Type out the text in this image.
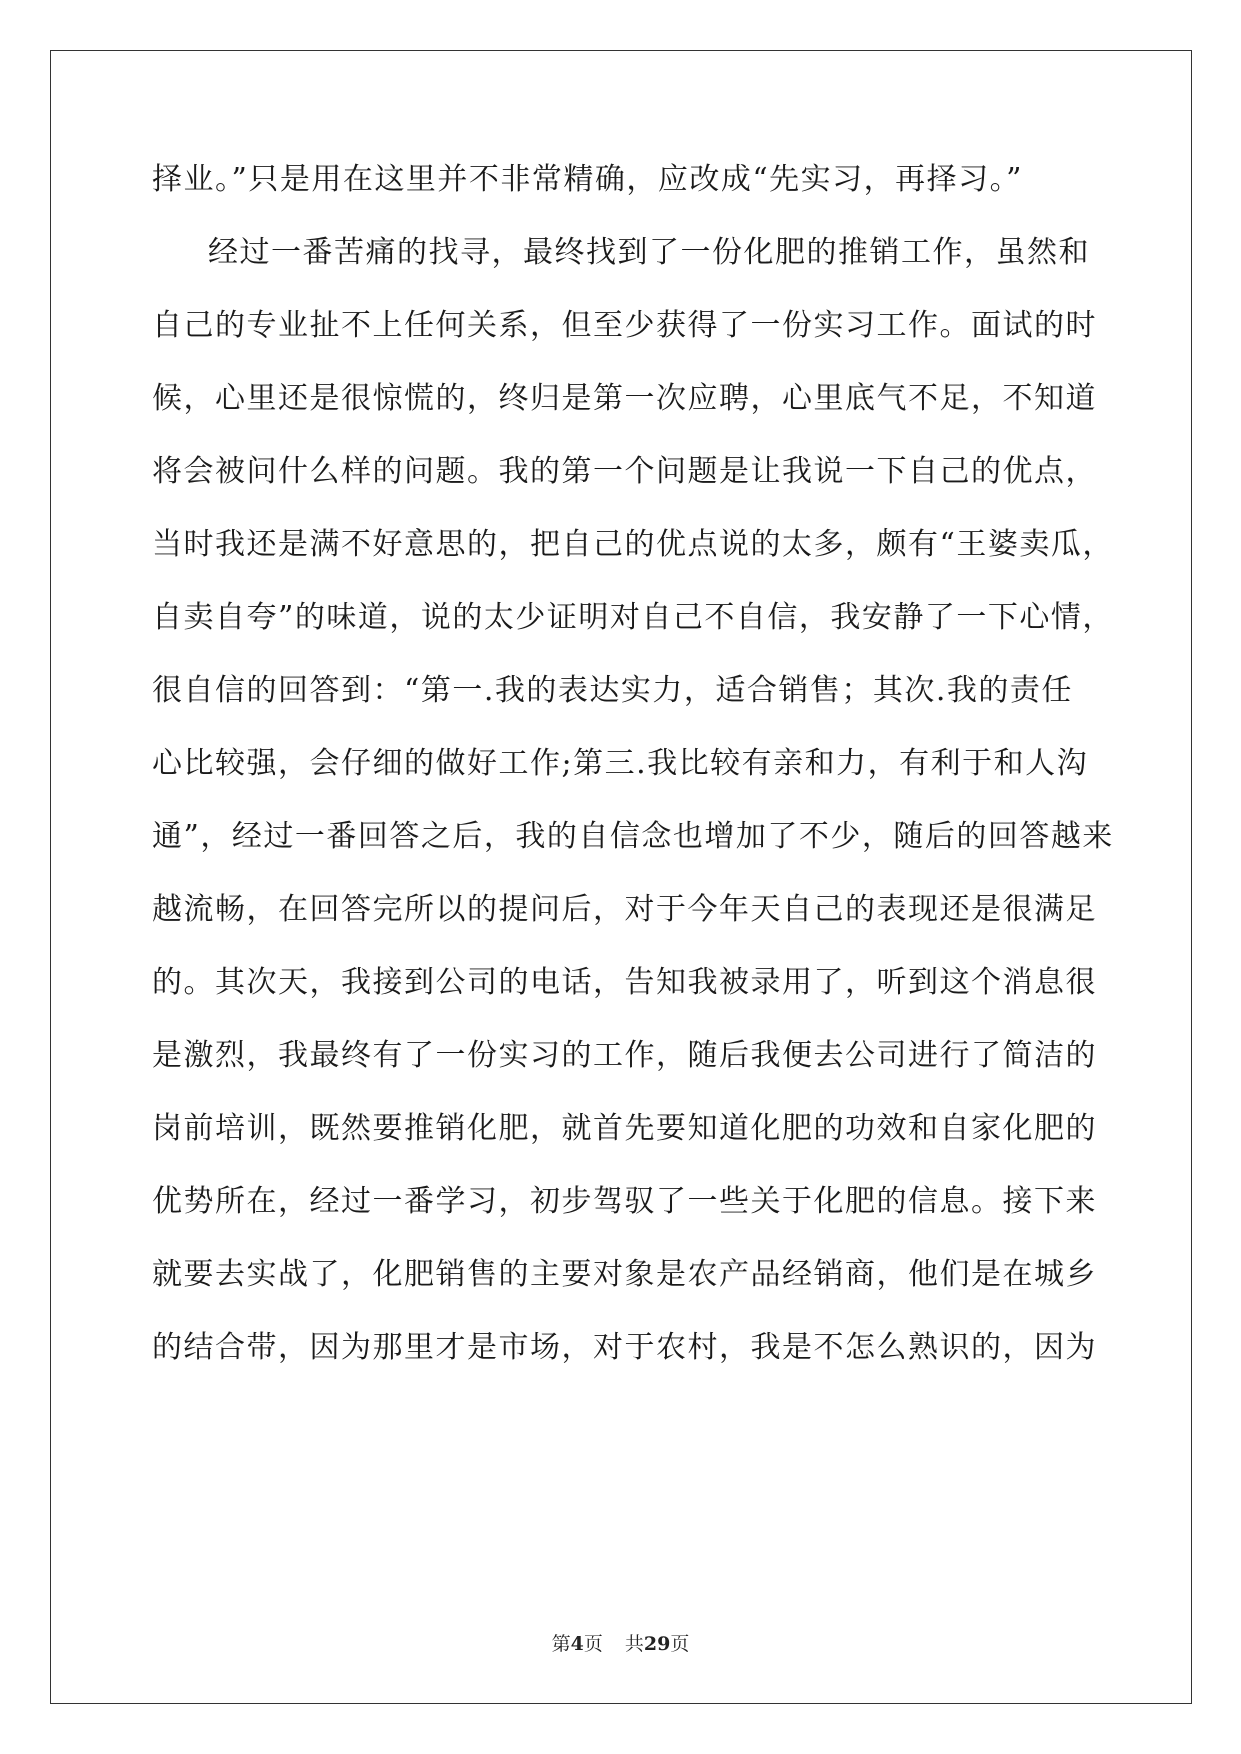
择业。”只是用在这里并不非常精确，应改成“先实习，再择习。”
经过一番苦痛的找寻，最终找到了一份化肥的推销工作，虽然和
自己的专业扯不上任何关系，但至少获得了一份实习工作。面试的时
候，心里还是很惊慌的，终归是第一次应聘，心里底气不足，不知道
将会被问什么样的问题。我的第一个问题是让我说一下自己的优点，
当时我还是满不好意思的，把自己的优点说的太多，颇有“王婆卖瓜，
自卖自夸”的味道，说的太少证明对自己不自信，我安静了一下心情，
很自信的回答到：“第一.我的表达实力，适合销售；其次.我的责任
心比较强，会仔细的做好工作;第三.我比较有亲和力，有利于和人沟
通”，经过一番回答之后，我的自信念也增加了不少，随后的回答越来
越流畅，在回答完所以的提问后，对于今年天自己的表现还是很满足
的。其次天，我接到公司的电话，告知我被录用了，听到这个消息很
是激烈，我最终有了一份实习的工作，随后我便去公司进行了简洁的
岗前培训，既然要推销化肥，就首先要知道化肥的功效和自家化肥的
优势所在，经过一番学习，初步驾驭了一些关于化肥的信息。接下来
就要去实战了，化肥销售的主要对象是农产品经销商，他们是在城乡
的结合带，因为那里才是市场，对于农村，我是不怎么熟识的，因为
第4页 共29页
